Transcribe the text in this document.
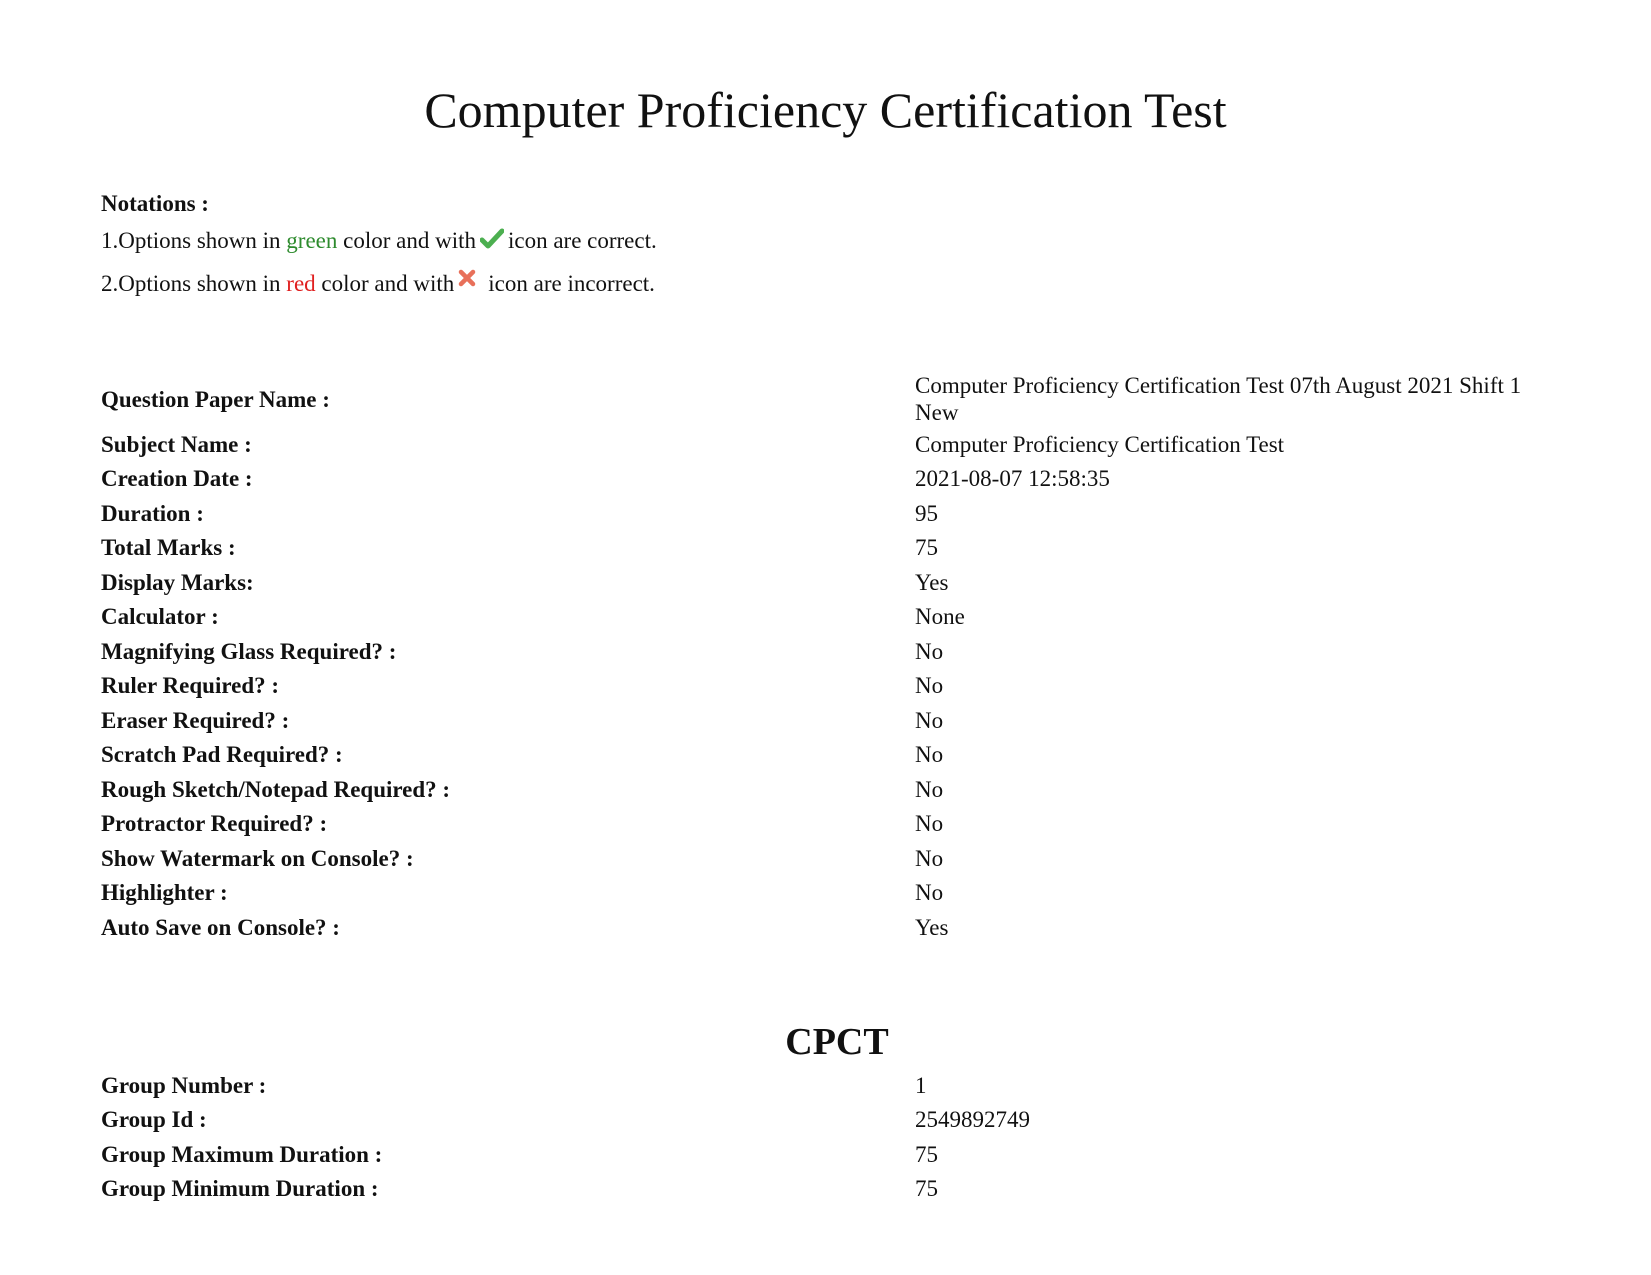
Computer Proficiency Certification Test
Notations :
1.Options shown in green color and with icon are correct.
2.Options shown in red color and with icon are incorrect.
Question Paper Name :
Computer Proficiency Certification Test 07th August 2021 Shift 1 New
Subject Name :	Computer Proficiency Certification Test
Creation Date :	2021-08-07 12:58:35
Duration :	95
Total Marks :	75
Display Marks:	Yes
Calculator :	None
Magnifying Glass Required? :	No
Ruler Required? :	No
Eraser Required? :	No
Scratch Pad Required? :	No
Rough Sketch/Notepad Required? :	No
Protractor Required? :	No
Show Watermark on Console? :	No
Highlighter :	No
Auto Save on Console? :	Yes
CPCT
Group Number :	1
Group Id :	2549892749
Group Maximum Duration :	75
Group Minimum Duration :	75
